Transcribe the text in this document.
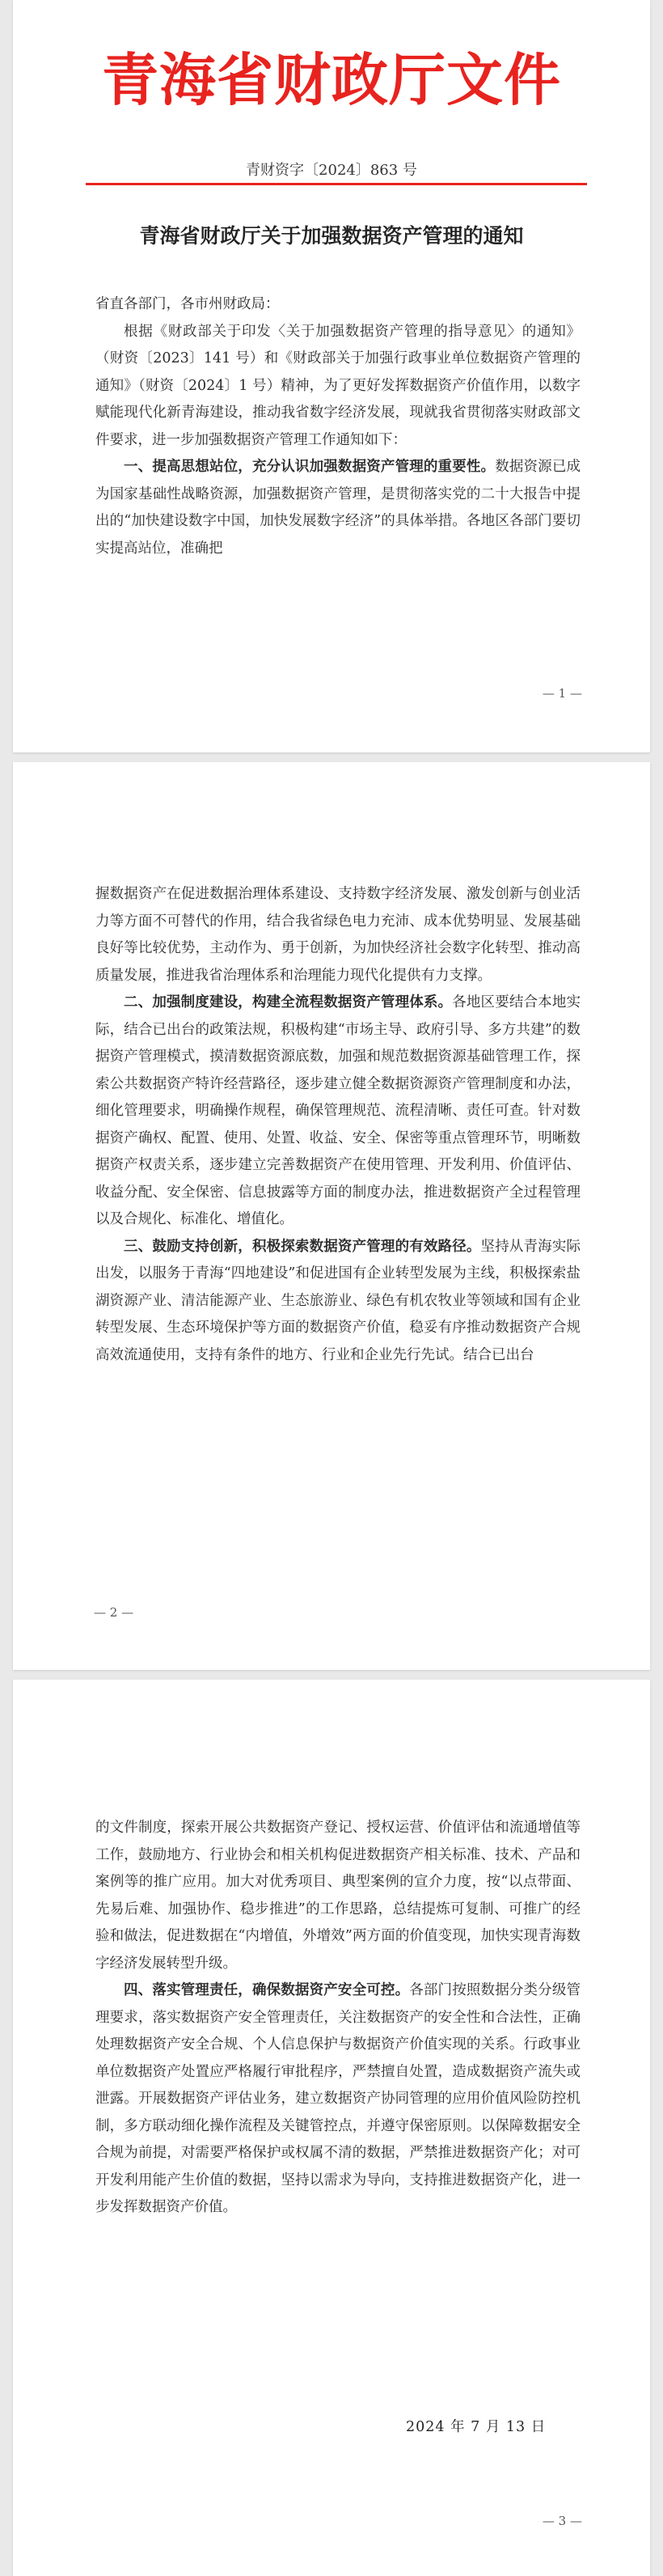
青海省财政厅文件
青财资字〔2024〕863 号
青海省财政厅关于加强数据资产管理的通知

省直各部门，各市州财政局：

根据《财政部关于印发〈关于加强数据资产管理的指导意见〉的通知》（财资〔2023〕141 号）和《财政部关于加强行政事业单位数据资产管理的通知》（财资〔2024〕1 号）精神，为了更好发挥数据资产价值作用，以数字赋能现代化新青海建设，推动我省数字经济发展，现就我省贯彻落实财政部文件要求，进一步加强数据资产管理工作通知如下：

一、提高思想站位，充分认识加强数据资产管理的重要性。数据资源已成为国家基础性战略资源，加强数据资产管理，是贯彻落实党的二十大报告中提出的“加快建设数字中国，加快发展数字经济”的具体举措。各地区各部门要切实提高站位，准确把

— 1 —

握数据资产在促进数据治理体系建设、支持数字经济发展、激发创新与创业活力等方面不可替代的作用，结合我省绿色电力充沛、成本优势明显、发展基础良好等比较优势，主动作为、勇于创新，为加快经济社会数字化转型、推动高质量发展，推进我省治理体系和治理能力现代化提供有力支撑。

二、加强制度建设，构建全流程数据资产管理体系。各地区要结合本地实际，结合已出台的政策法规，积极构建“市场主导、政府引导、多方共建”的数据资产管理模式，摸清数据资源底数，加强和规范数据资源基础管理工作，探索公共数据资产特许经营路径，逐步建立健全数据资源资产管理制度和办法，细化管理要求，明确操作规程，确保管理规范、流程清晰、责任可查。针对数据资产确权、配置、使用、处置、收益、安全、保密等重点管理环节，明晰数据资产权责关系，逐步建立完善数据资产在使用管理、开发利用、价值评估、收益分配、安全保密、信息披露等方面的制度办法，推进数据资产全过程管理以及合规化、标准化、增值化。

三、鼓励支持创新，积极探索数据资产管理的有效路径。坚持从青海实际出发，以服务于青海“四地建设”和促进国有企业转型发展为主线，积极探索盐湖资源产业、清洁能源产业、生态旅游业、绿色有机农牧业等领域和国有企业转型发展、生态环境保护等方面的数据资产价值，稳妥有序推动数据资产合规高效流通使用，支持有条件的地方、行业和企业先行先试。结合已出台

— 2 —

的文件制度，探索开展公共数据资产登记、授权运营、价值评估和流通增值等工作，鼓励地方、行业协会和相关机构促进数据资产相关标准、技术、产品和案例等的推广应用。加大对优秀项目、典型案例的宣介力度，按“以点带面、先易后难、加强协作、稳步推进”的工作思路，总结提炼可复制、可推广的经验和做法，促进数据在“内增值，外增效”两方面的价值变现，加快实现青海数字经济发展转型升级。

四、落实管理责任，确保数据资产安全可控。各部门按照数据分类分级管理要求，落实数据资产安全管理责任，关注数据资产的安全性和合法性，正确处理数据资产安全合规、个人信息保护与数据资产价值实现的关系。行政事业单位数据资产处置应严格履行审批程序，严禁擅自处置，造成数据资产流失或泄露。开展数据资产评估业务，建立数据资产协同管理的应用价值风险防控机制，多方联动细化操作流程及关键管控点，并遵守保密原则。以保障数据安全合规为前提，对需要严格保护或权属不清的数据，严禁推进数据资产化；对可开发利用能产生价值的数据，坚持以需求为导向，支持推进数据资产化，进一步发挥数据资产价值。

2024 年 7 月 13 日
— 3 —
